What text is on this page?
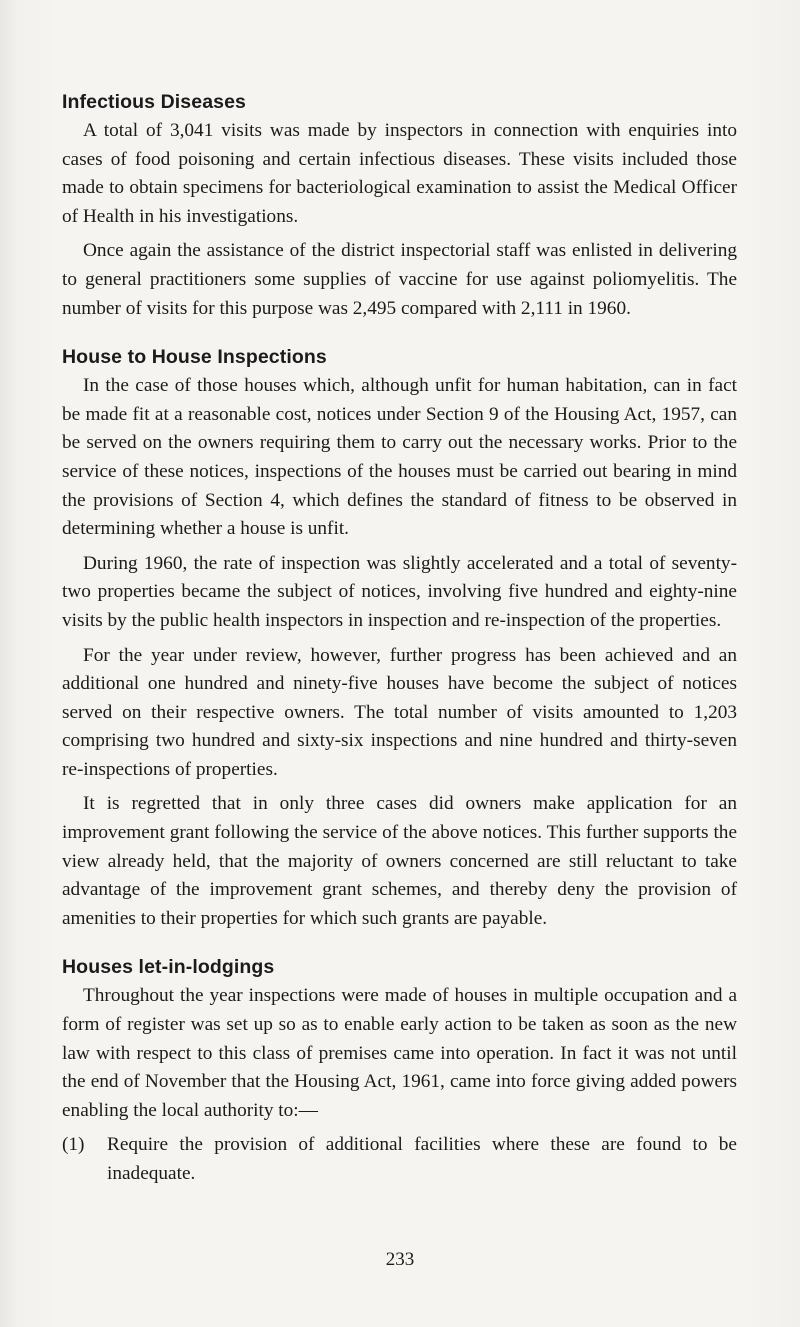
Infectious Diseases

A total of 3,041 visits was made by inspectors in connection with enquiries into cases of food poisoning and certain infectious diseases. These visits included those made to obtain specimens for bacteriological examination to assist the Medical Officer of Health in his investigations.

Once again the assistance of the district inspectorial staff was enlisted in delivering to general practitioners some supplies of vaccine for use against poliomyelitis. The number of visits for this purpose was 2,495 compared with 2,111 in 1960.

House to House Inspections

In the case of those houses which, although unfit for human habitation, can in fact be made fit at a reasonable cost, notices under Section 9 of the Housing Act, 1957, can be served on the owners requiring them to carry out the necessary works. Prior to the service of these notices, inspections of the houses must be carried out bearing in mind the provisions of Section 4, which defines the standard of fitness to be observed in determining whether a house is unfit.

During 1960, the rate of inspection was slightly accelerated and a total of seventy-two properties became the subject of notices, involving five hundred and eighty-nine visits by the public health inspectors in inspection and re-inspection of the properties.

For the year under review, however, further progress has been achieved and an additional one hundred and ninety-five houses have become the subject of notices served on their respective owners. The total number of visits amounted to 1,203 comprising two hundred and sixty-six inspections and nine hundred and thirty-seven re-inspections of properties.

It is regretted that in only three cases did owners make application for an improvement grant following the service of the above notices. This further supports the view already held, that the majority of owners concerned are still reluctant to take advantage of the improvement grant schemes, and thereby deny the provision of amenities to their properties for which such grants are payable.

Houses let-in-lodgings

Throughout the year inspections were made of houses in multiple occupation and a form of register was set up so as to enable early action to be taken as soon as the new law with respect to this class of premises came into operation. In fact it was not until the end of November that the Housing Act, 1961, came into force giving added powers enabling the local authority to:—

(1)	Require the provision of additional facilities where these are found to be inadequate.
233
